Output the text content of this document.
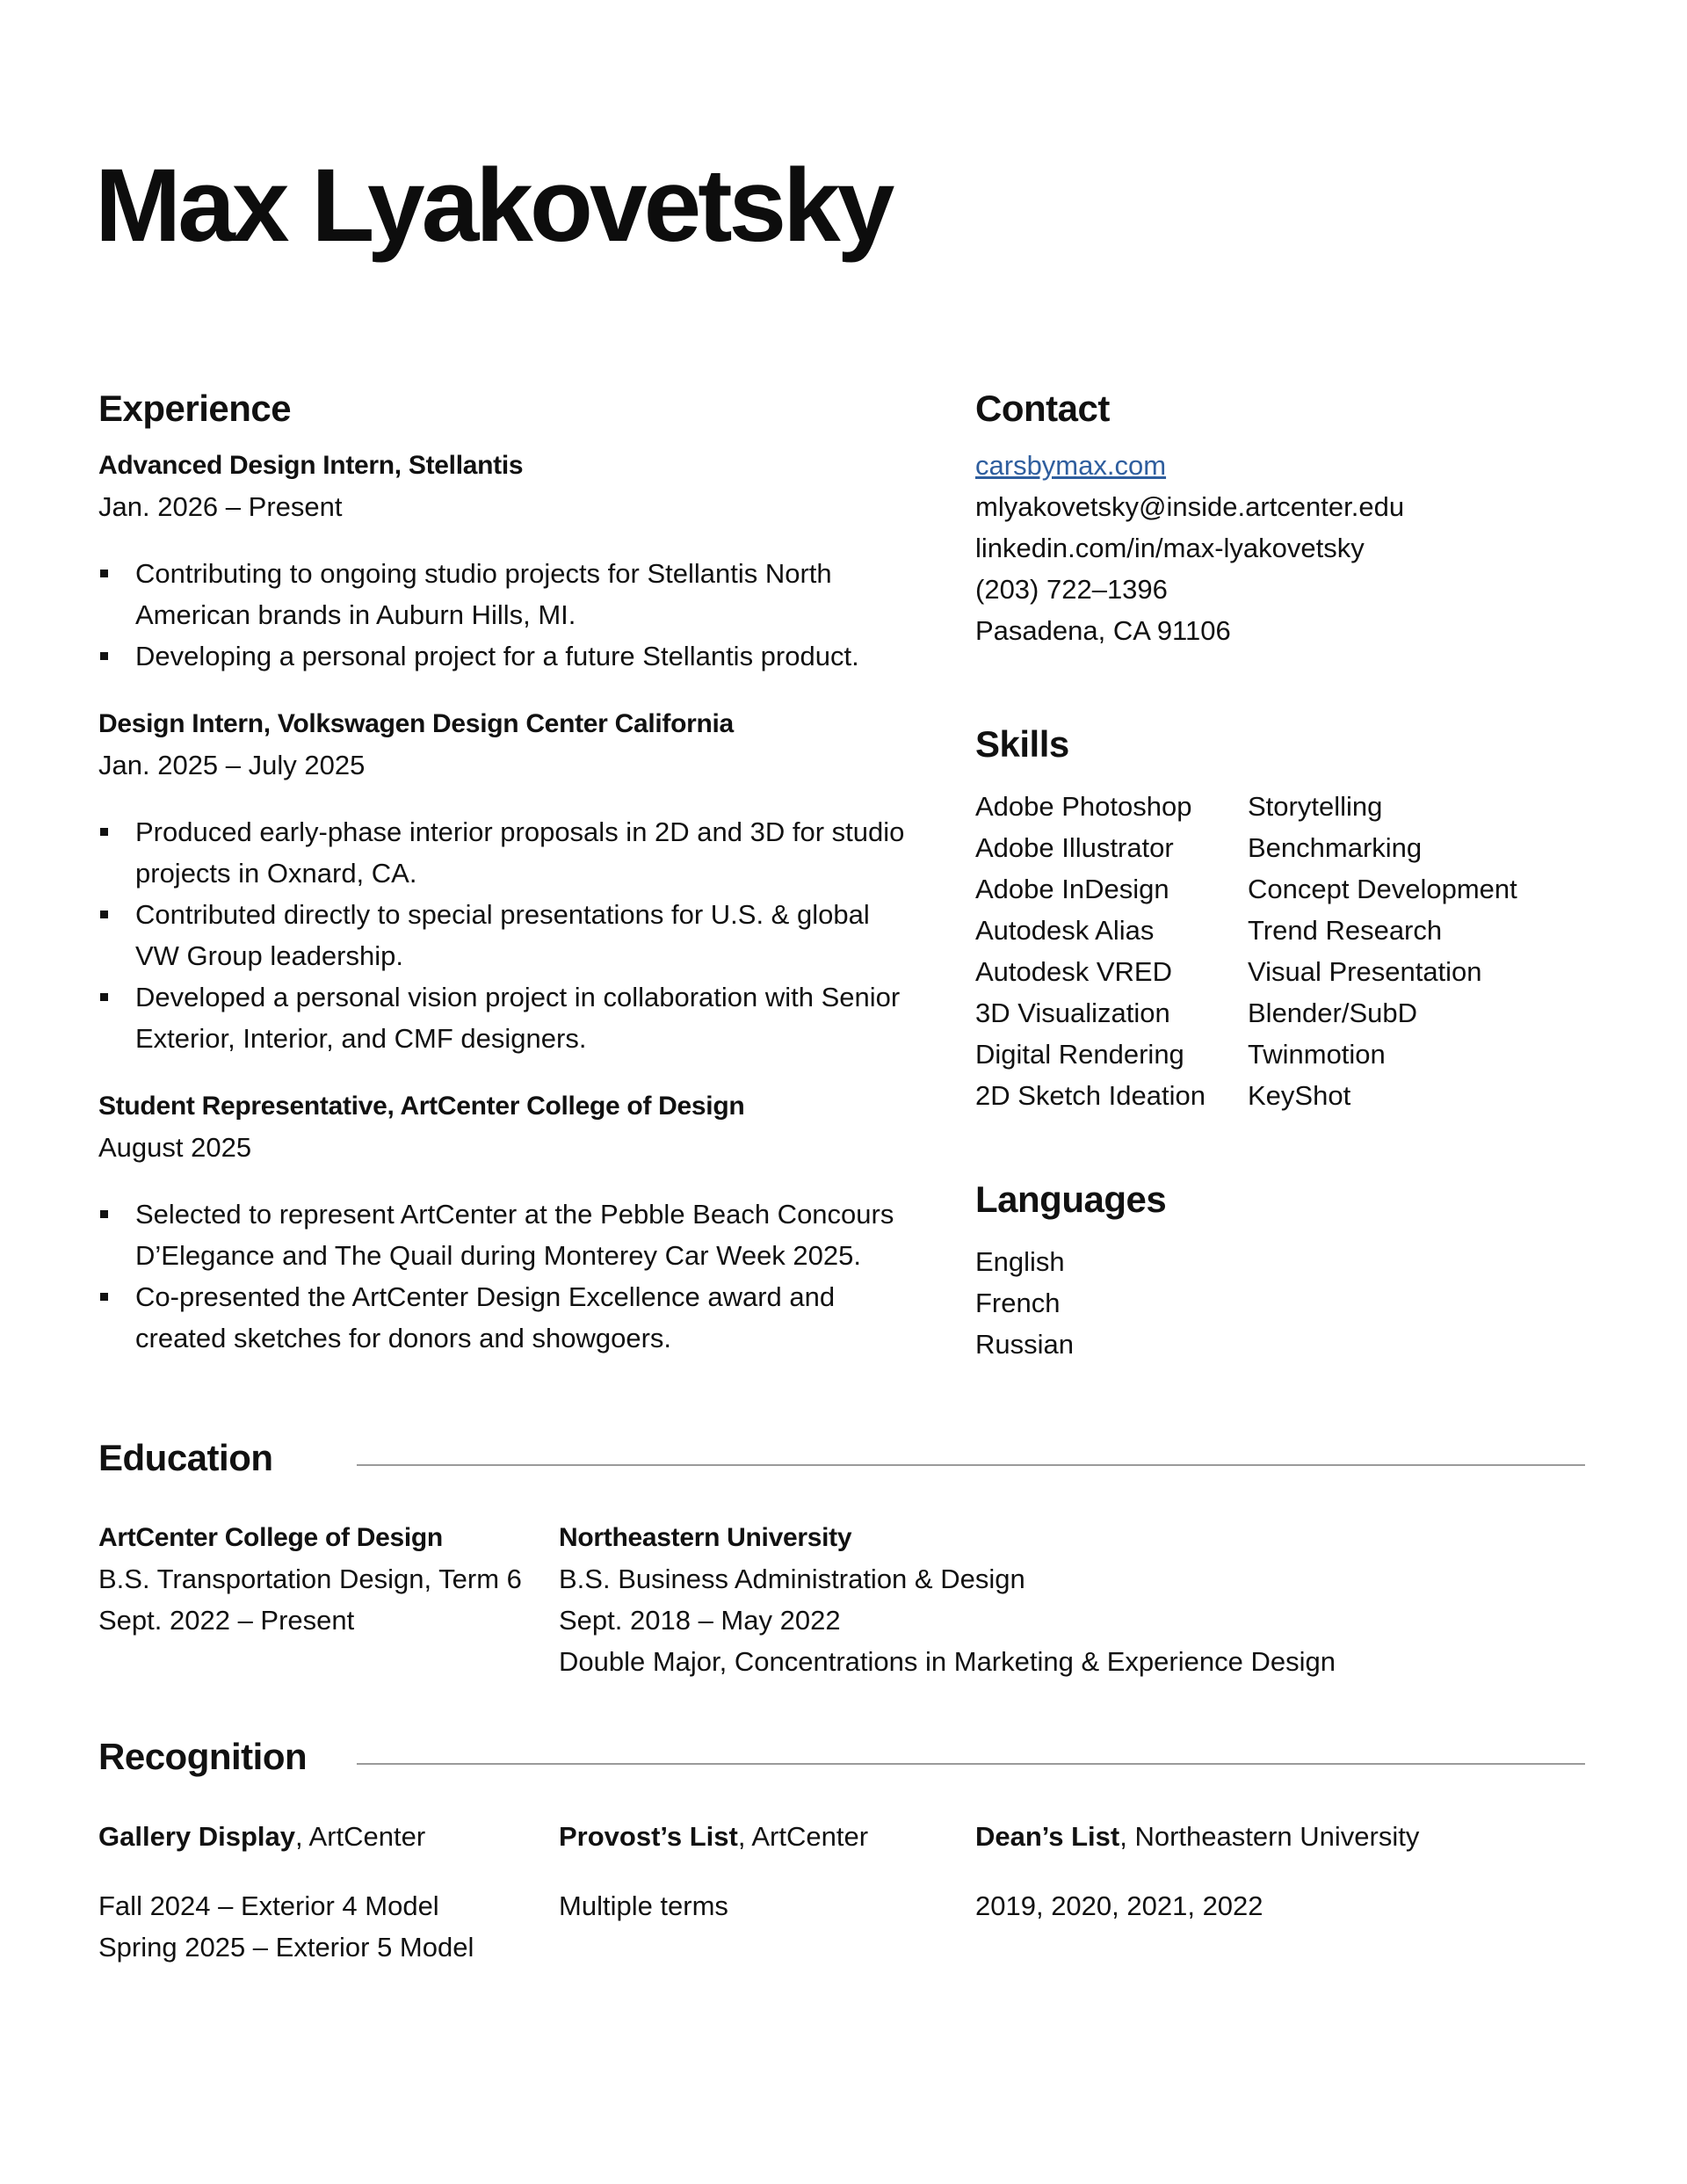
Max Lyakovetsky
Experience
Advanced Design Intern, Stellantis
Jan. 2026 – Present
Contributing to ongoing studio projects for Stellantis North American brands in Auburn Hills, MI.
Developing a personal project for a future Stellantis product.
Design Intern, Volkswagen Design Center California
Jan. 2025 – July 2025
Produced early-phase interior proposals in 2D and 3D for studio projects in Oxnard, CA.
Contributed directly to special presentations for U.S. & global VW Group leadership.
Developed a personal vision project in collaboration with Senior Exterior, Interior, and CMF designers.
Student Representative, ArtCenter College of Design
August 2025
Selected to represent ArtCenter at the Pebble Beach Concours D’Elegance and The Quail during Monterey Car Week 2025.
Co-presented the ArtCenter Design Excellence award and created sketches for donors and showgoers.
Contact
carsbymax.com
mlyakovetsky@inside.artcenter.edu
linkedin.com/in/max-lyakovetsky
(203) 722–1396
Pasadena, CA 91106
Skills
Adobe Photoshop
Adobe Illustrator
Adobe InDesign
Autodesk Alias
Autodesk VRED
3D Visualization
Digital Rendering
2D Sketch Ideation
Storytelling
Benchmarking
Concept Development
Trend Research
Visual Presentation
Blender/SubD
Twinmotion
KeyShot
Languages
English
French
Russian
Education
ArtCenter College of Design
B.S. Transportation Design, Term 6
Sept. 2022 – Present
Northeastern University
B.S. Business Administration & Design
Sept. 2018 – May 2022
Double Major, Concentrations in Marketing & Experience Design
Recognition
Gallery Display, ArtCenter
Fall 2024 – Exterior 4 Model
Spring 2025 – Exterior 5 Model
Provost’s List, ArtCenter
Multiple terms
Dean’s List, Northeastern University
2019, 2020, 2021, 2022
